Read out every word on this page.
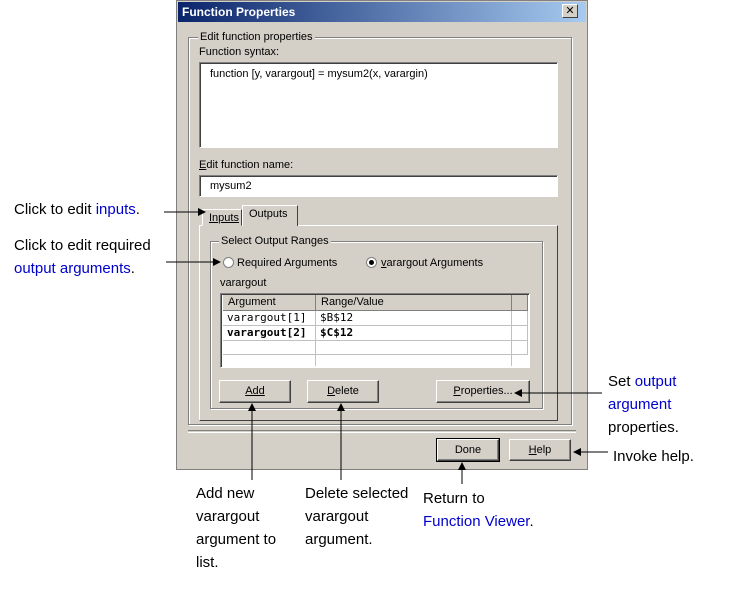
Function Properties	✕
Edit function properties
Function syntax:
function [y, varargout] = mysum2(x, varargin)
Edit function name:
mysum2
Inputs Outputs
Select Output Ranges
Required Arguments	varargout Arguments
varargout
Argument	Range/Value
varargout[1]	$B$12
varargout[2]	$C$12
Add	Delete	Properties...
Done	Help
Click to edit inputs.
Click to edit required
output arguments.
Set output argument
properties.
Invoke help.
Add new
varargout
argument to
list.
Delete selected
varargout
argument.
Return to
Function Viewer.
